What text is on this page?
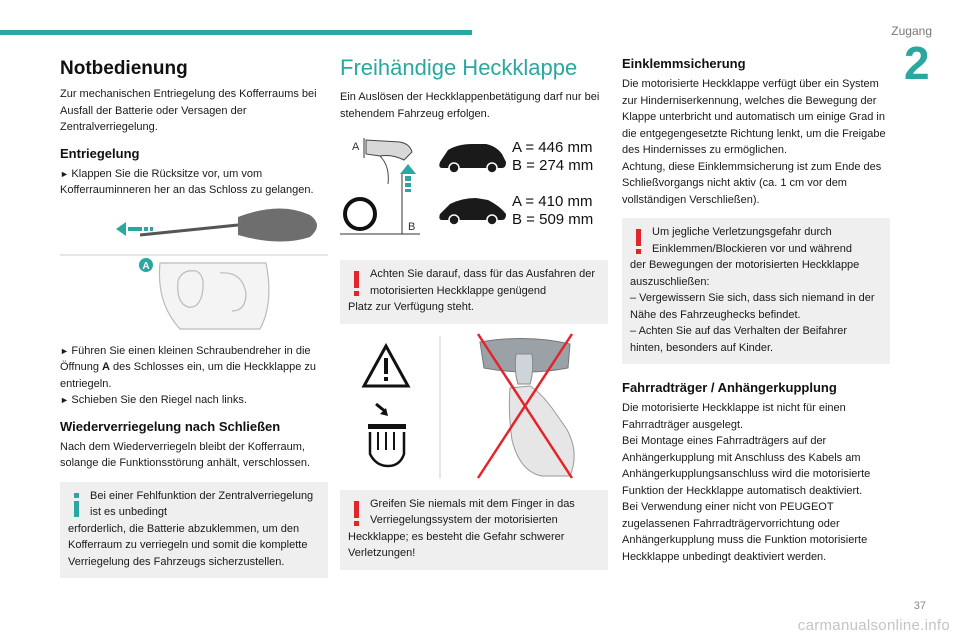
Zugang
2
37
carmanualsonline.info
Notbedienung

Zur mechanischen Entriegelung des Kofferraums bei Ausfall der Batterie oder Versagen der Zentralverriegelung.

Entriegelung

► Klappen Sie die Rücksitze vor, um vom Kofferrauminneren her an das Schloss zu gelangen.

A

► Führen Sie einen kleinen Schraubendreher in die Öffnung A des Schlosses ein, um die Heckklappe zu entriegeln.

► Schieben Sie den Riegel nach links.

Wiederverriegelung nach Schließen

Nach dem Wiederverriegeln bleibt der Kofferraum, solange die Funktionsstörung anhält, verschlossen.

Bei einer Fehlfunktion der Zentralverriegelung ist es unbedingt
erforderlich, die Batterie abzuklemmen, um den Kofferraum zu verriegeln und somit die komplette Verriegelung des Fahrzeugs sicherzustellen.
Freihändige Heckklappe

Ein Auslösen der Heckklappenbetätigung darf nur bei stehendem Fahrzeug erfolgen.

A
B
A = 446 mm
B = 274 mm
A = 410 mm
B = 509 mm
Achten Sie darauf, dass für das Ausfahren der motorisierten Heckklappe genügend
Platz zur Verfügung steht.
Greifen Sie niemals mit dem Finger in das Verriegelungssystem der motorisierten
Heckklappe; es besteht die Gefahr schwerer Verletzungen!
Einklemmsicherung

Die motorisierte Heckklappe verfügt über ein System zur Hinderniserkennung, welches die Bewegung der Klappe unterbricht und automatisch um einige Grad in die entgegengesetzte Richtung lenkt, um die Freigabe des Hindernisses zu ermöglichen.

Achtung, diese Einklemmsicherung ist zum Ende des Schließvorgangs nicht aktiv (ca. 1 cm vor dem vollständigen Verschließen).

Um jegliche Verletzungsgefahr durch Einklemmen/Blockieren vor und während
der Bewegungen der motorisierten Heckklappe auszuschließen:
– Vergewissern Sie sich, dass sich niemand in der Nähe des Fahrzeughecks befindet.
– Achten Sie auf das Verhalten der Beifahrer hinten, besonders auf Kinder.
Fahrradträger / Anhängerkupplung

Die motorisierte Heckklappe ist nicht für einen Fahrradträger ausgelegt.

Bei Montage eines Fahrradträgers auf der Anhängerkupplung mit Anschluss des Kabels am Anhängerkupplungsanschluss wird die motorisierte Funktion der Heckklappe automatisch deaktiviert.

Bei Verwendung einer nicht von PEUGEOT zugelassenen Fahrradträgervorrichtung oder Anhängerkupplung muss die Funktion motorisierte Heckklappe unbedingt deaktiviert werden.
